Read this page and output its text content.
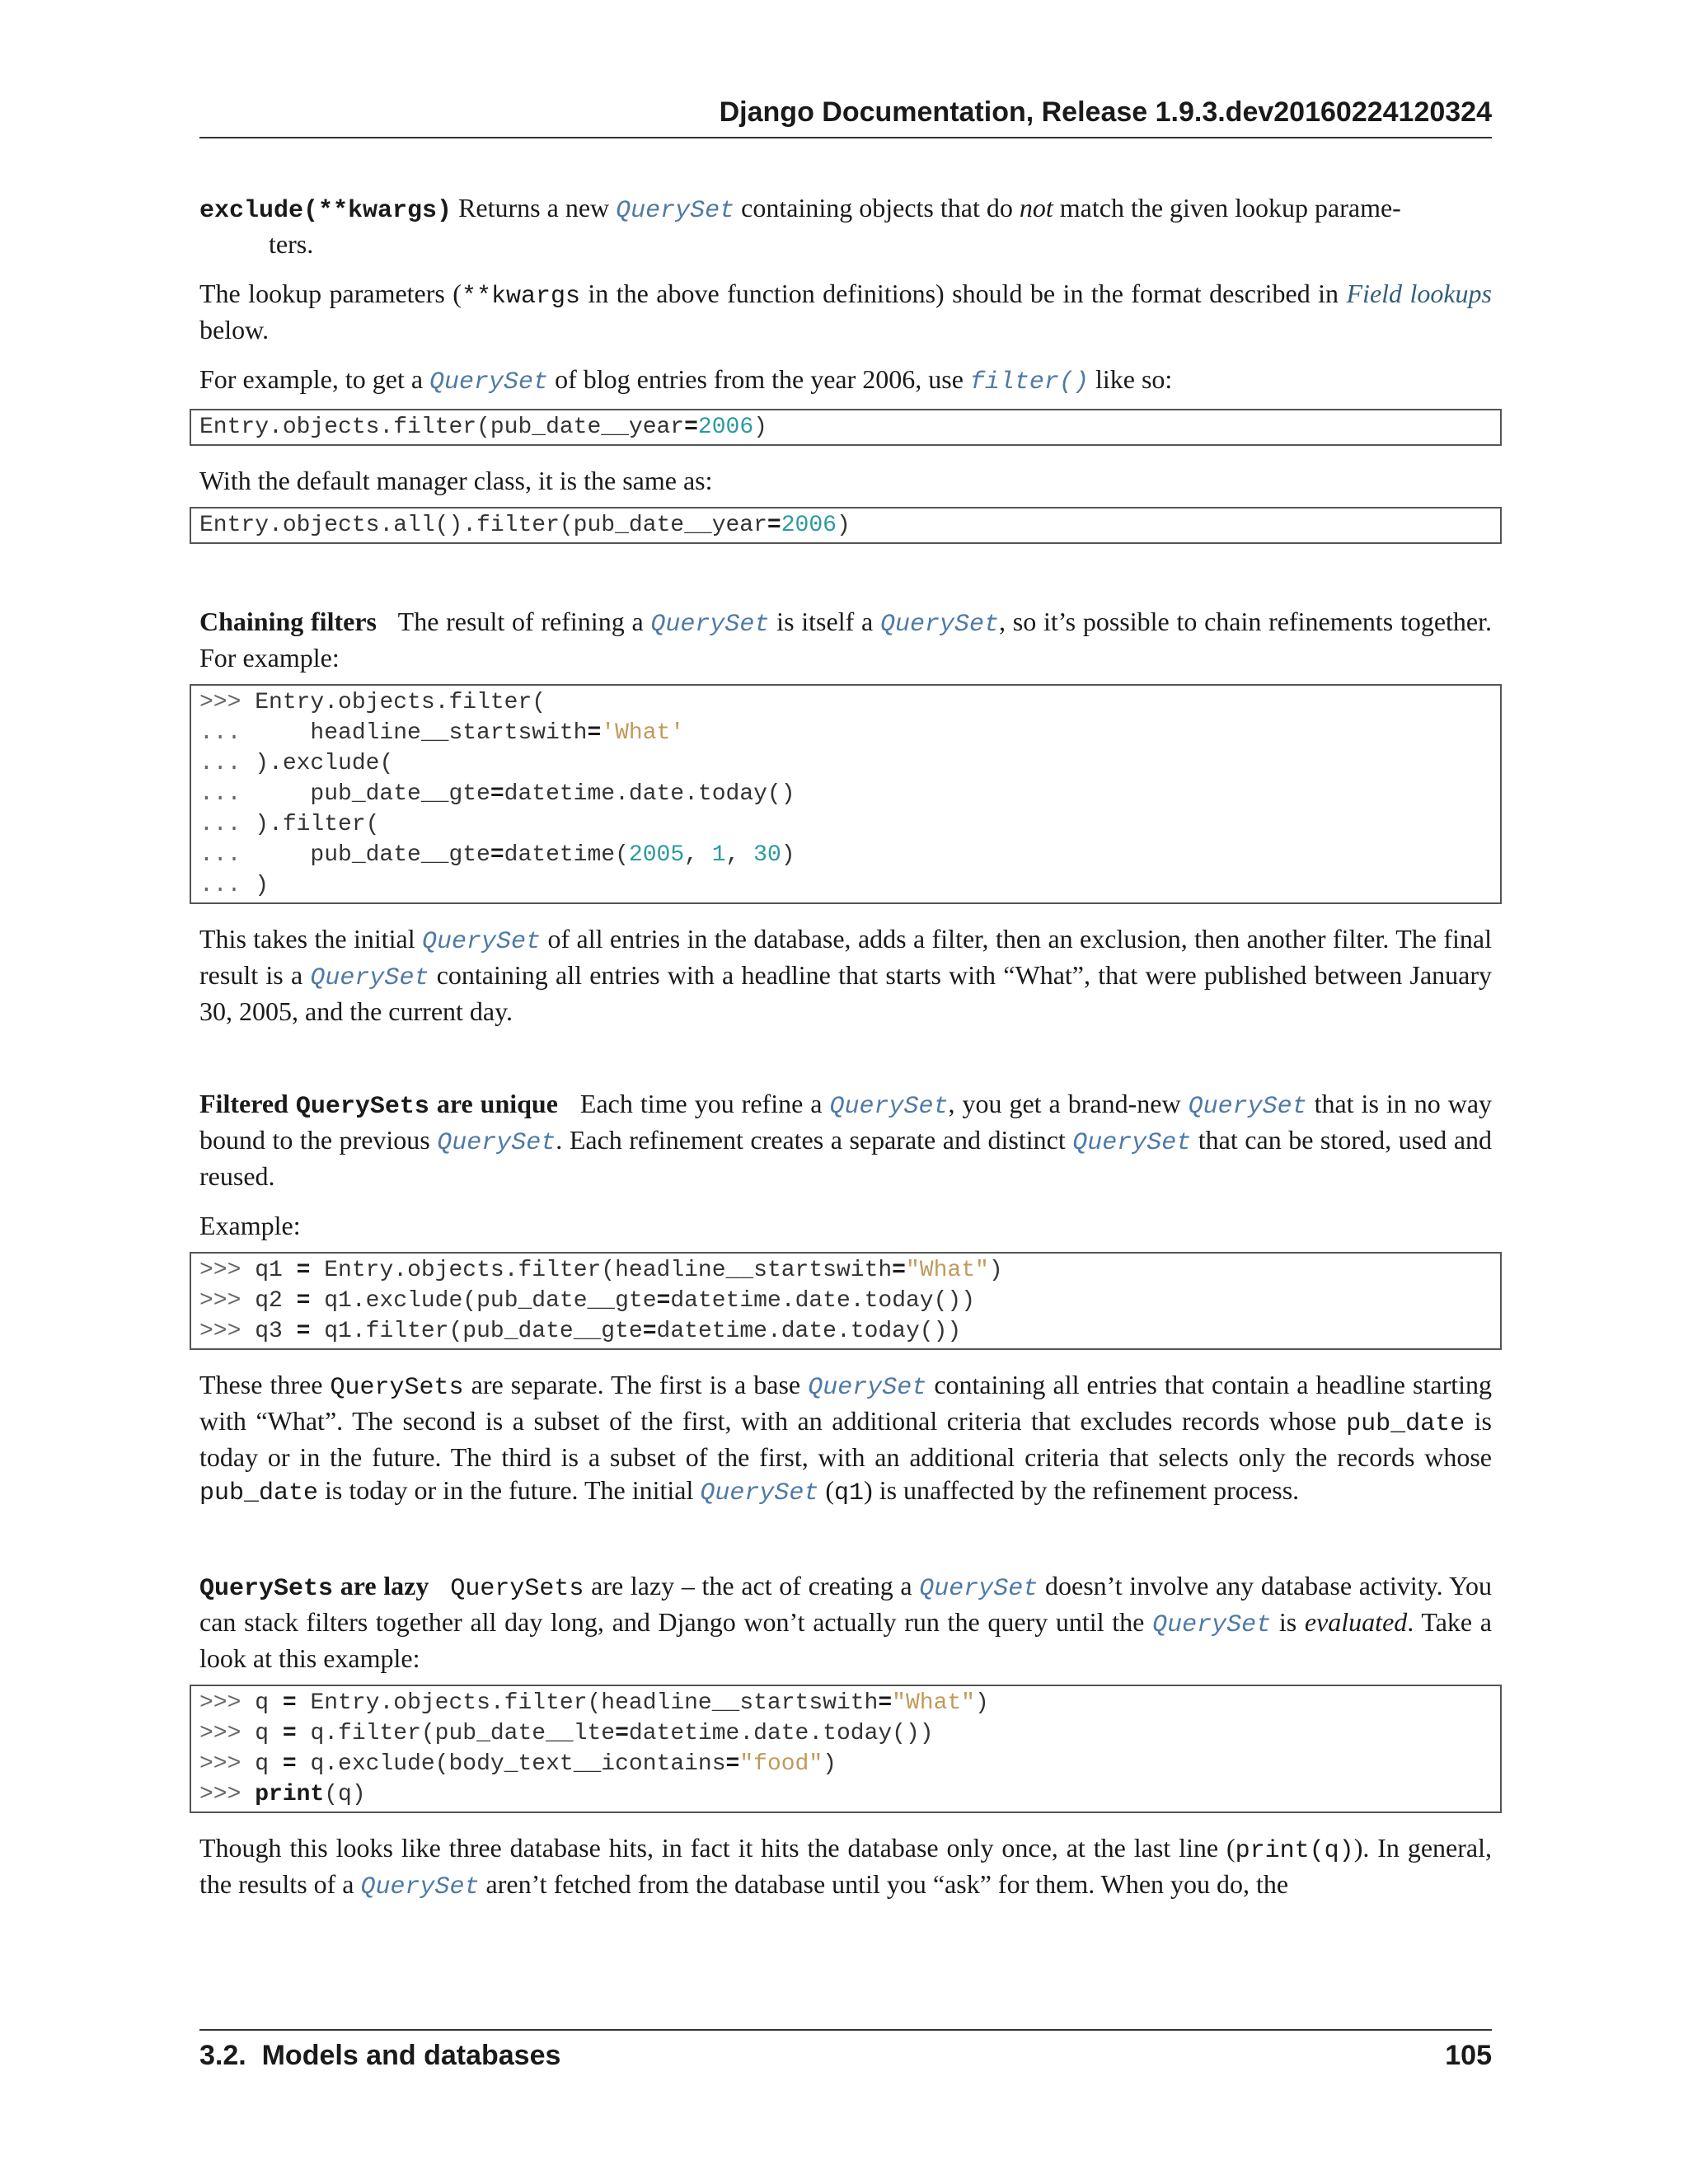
Django Documentation, Release 1.9.3.dev20160224120324
exclude(**kwargs) Returns a new QuerySet containing objects that do not match the given lookup parame-
ters.

The lookup parameters (**kwargs in the above function definitions) should be in the format described in Field lookups below.

For example, to get a QuerySet of blog entries from the year 2006, use filter() like so:

Entry.objects.filter(pub_date__year=2006)

With the default manager class, it is the same as:

Entry.objects.all().filter(pub_date__year=2006)

Chaining filters   The result of refining a QuerySet is itself a QuerySet, so it’s possible to chain refinements together. For example:

>>> Entry.objects.filter(
...     headline__startswith='What'
... ).exclude(
...     pub_date__gte=datetime.date.today()
... ).filter(
...     pub_date__gte=datetime(2005, 1, 30)
... )

This takes the initial QuerySet of all entries in the database, adds a filter, then an exclusion, then another filter. The final result is a QuerySet containing all entries with a headline that starts with “What”, that were published between January 30, 2005, and the current day.

Filtered QuerySets are unique   Each time you refine a QuerySet, you get a brand-new QuerySet that is in no way bound to the previous QuerySet. Each refinement creates a separate and distinct QuerySet that can be stored, used and reused.

Example:

>>> q1 = Entry.objects.filter(headline__startswith="What")
>>> q2 = q1.exclude(pub_date__gte=datetime.date.today())
>>> q3 = q1.filter(pub_date__gte=datetime.date.today())

These three QuerySets are separate. The first is a base QuerySet containing all entries that contain a headline starting with “What”. The second is a subset of the first, with an additional criteria that excludes records whose pub_date is today or in the future. The third is a subset of the first, with an additional criteria that selects only the records whose pub_date is today or in the future. The initial QuerySet (q1) is unaffected by the refinement process.

QuerySets are lazy QuerySets are lazy – the act of creating a QuerySet doesn’t involve any database activity. You can stack filters together all day long, and Django won’t actually run the query until the QuerySet is evaluated. Take a look at this example:

>>> q = Entry.objects.filter(headline__startswith="What")
>>> q = q.filter(pub_date__lte=datetime.date.today())
>>> q = q.exclude(body_text__icontains="food")
>>> print(q)

Though this looks like three database hits, in fact it hits the database only once, at the last line (print(q)). In general, the results of a QuerySet aren’t fetched from the database until you “ask” for them. When you do, the

3.2.  Models and databases	105
